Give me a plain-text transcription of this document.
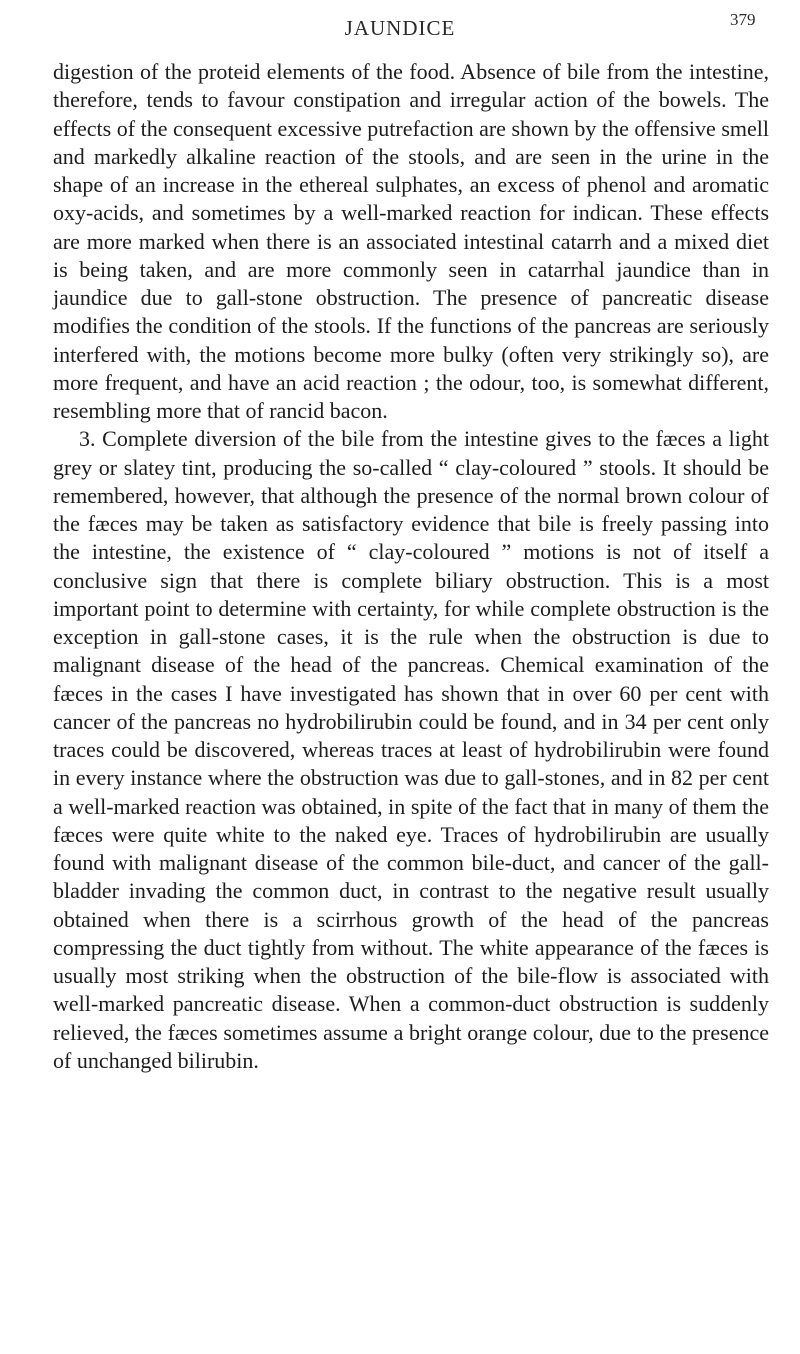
JAUNDICE	379

digestion of the proteid elements of the food. Absence of bile from the intestine, therefore, tends to favour constipation and irregular action of the bowels. The effects of the consequent excessive putrefaction are shown by the offensive smell and markedly alkaline reaction of the stools, and are seen in the urine in the shape of an increase in the ethereal sulphates, an excess of phenol and aromatic oxy-acids, and sometimes by a well-marked reaction for indican. These effects are more marked when there is an associated intestinal catarrh and a mixed diet is being taken, and are more commonly seen in catarrhal jaundice than in jaundice due to gall-stone obstruction. The presence of pancreatic disease modifies the condition of the stools. If the functions of the pancreas are seriously interfered with, the motions become more bulky (often very strikingly so), are more frequent, and have an acid reaction ; the odour, too, is somewhat different, resembling more that of rancid bacon.

3. Complete diversion of the bile from the intestine gives to the fæces a light grey or slatey tint, producing the so-called “ clay-coloured ” stools. It should be remembered, however, that although the presence of the normal brown colour of the fæces may be taken as satisfactory evidence that bile is freely passing into the intestine, the existence of “ clay-coloured ” motions is not of itself a conclusive sign that there is complete biliary obstruction. This is a most important point to determine with certainty, for while complete obstruction is the exception in gall-stone cases, it is the rule when the obstruction is due to malignant disease of the head of the pancreas. Chemical examination of the fæces in the cases I have investigated has shown that in over 60 per cent with cancer of the pancreas no hydrobilirubin could be found, and in 34 per cent only traces could be discovered, whereas traces at least of hydrobilirubin were found in every instance where the obstruction was due to gall-stones, and in 82 per cent a well-marked reaction was obtained, in spite of the fact that in many of them the fæces were quite white to the naked eye. Traces of hydrobilirubin are usually found with malignant disease of the common bile-duct, and cancer of the gall-bladder invading the common duct, in contrast to the negative result usually obtained when there is a scirrhous growth of the head of the pancreas compressing the duct tightly from without. The white appearance of the fæces is usually most striking when the obstruction of the bile-flow is associated with well-marked pancreatic disease. When a common-duct obstruction is suddenly relieved, the fæces sometimes assume a bright orange colour, due to the presence of unchanged bilirubin.
